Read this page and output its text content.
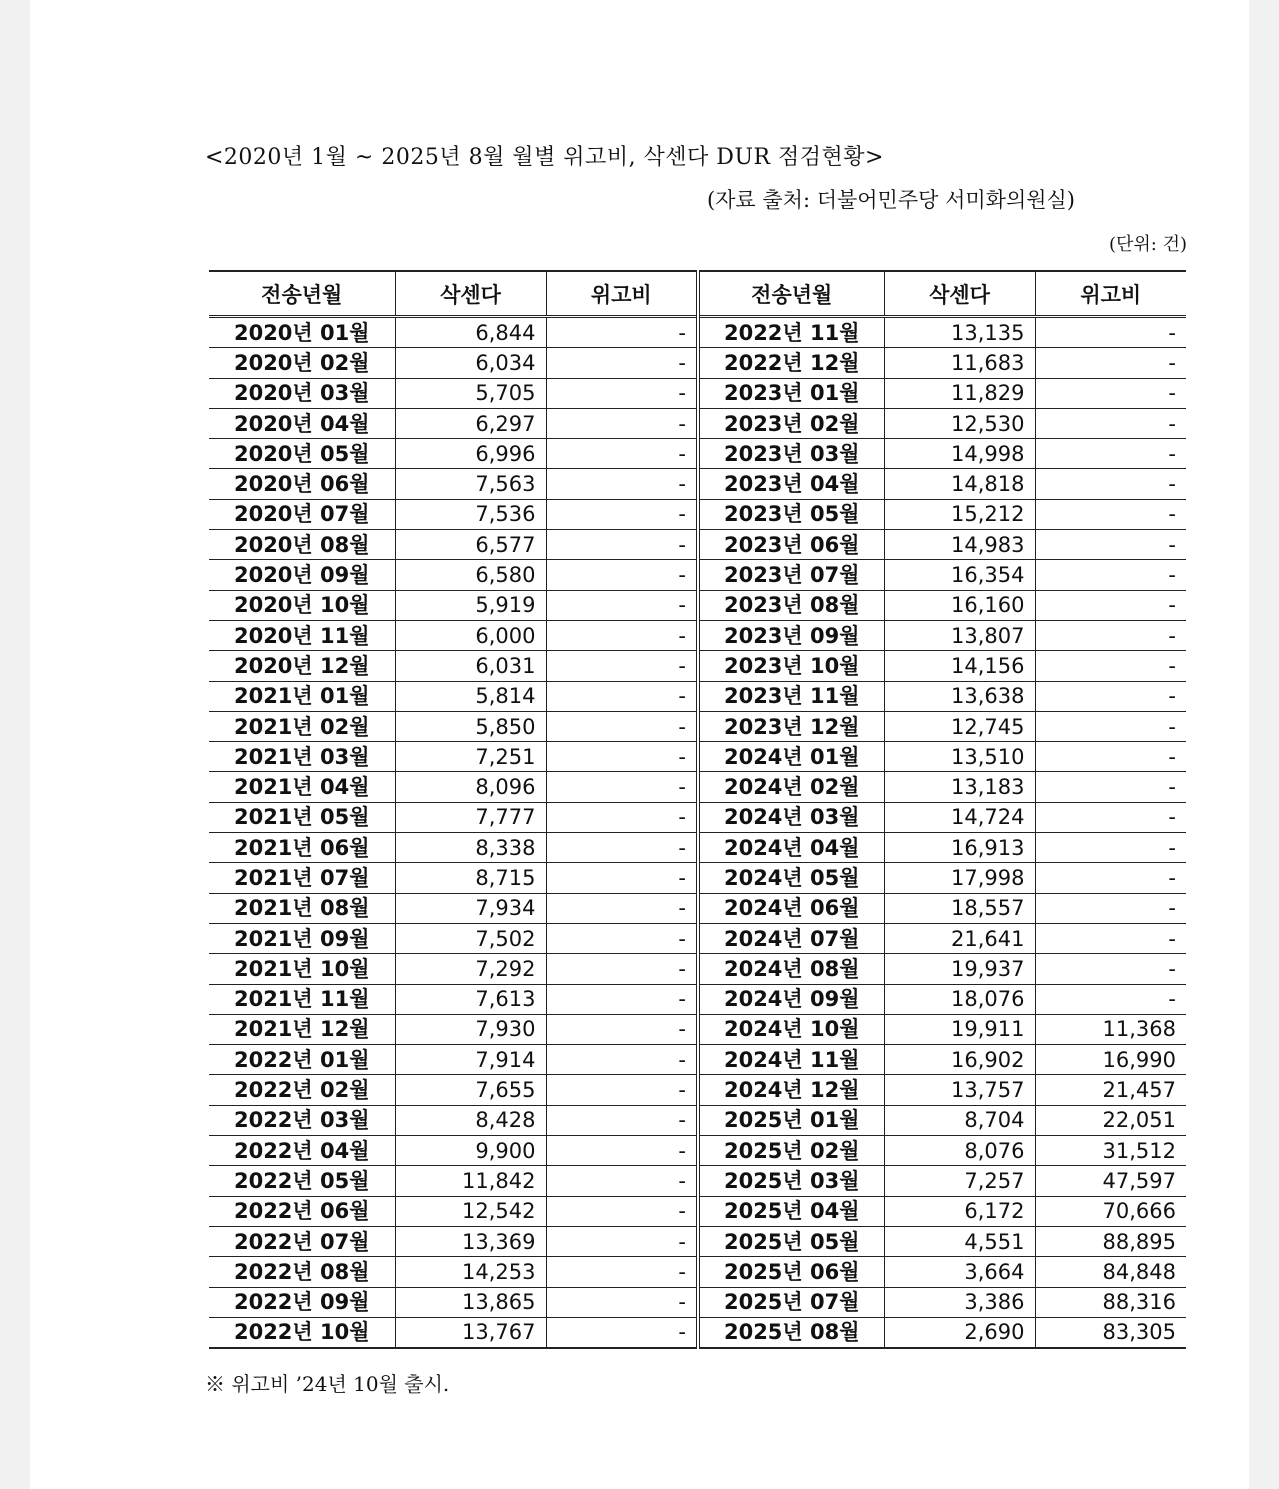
<2020년 1월 ~ 2025년 8월 월별 위고비, 삭센다 DUR 점검현황>
(자료 출처: 더불어민주당 서미화의원실)
(단위: 건)
전송년월	삭센다	위고비	전송년월	삭센다	위고비
2020년 01월	6,844	-	2022년 11월	13,135	-
2020년 02월	6,034	-	2022년 12월	11,683	-
2020년 03월	5,705	-	2023년 01월	11,829	-
2020년 04월	6,297	-	2023년 02월	12,530	-
2020년 05월	6,996	-	2023년 03월	14,998	-
2020년 06월	7,563	-	2023년 04월	14,818	-
2020년 07월	7,536	-	2023년 05월	15,212	-
2020년 08월	6,577	-	2023년 06월	14,983	-
2020년 09월	6,580	-	2023년 07월	16,354	-
2020년 10월	5,919	-	2023년 08월	16,160	-
2020년 11월	6,000	-	2023년 09월	13,807	-
2020년 12월	6,031	-	2023년 10월	14,156	-
2021년 01월	5,814	-	2023년 11월	13,638	-
2021년 02월	5,850	-	2023년 12월	12,745	-
2021년 03월	7,251	-	2024년 01월	13,510	-
2021년 04월	8,096	-	2024년 02월	13,183	-
2021년 05월	7,777	-	2024년 03월	14,724	-
2021년 06월	8,338	-	2024년 04월	16,913	-
2021년 07월	8,715	-	2024년 05월	17,998	-
2021년 08월	7,934	-	2024년 06월	18,557	-
2021년 09월	7,502	-	2024년 07월	21,641	-
2021년 10월	7,292	-	2024년 08월	19,937	-
2021년 11월	7,613	-	2024년 09월	18,076	-
2021년 12월	7,930	-	2024년 10월	19,911	11,368
2022년 01월	7,914	-	2024년 11월	16,902	16,990
2022년 02월	7,655	-	2024년 12월	13,757	21,457
2022년 03월	8,428	-	2025년 01월	8,704	22,051
2022년 04월	9,900	-	2025년 02월	8,076	31,512
2022년 05월	11,842	-	2025년 03월	7,257	47,597
2022년 06월	12,542	-	2025년 04월	6,172	70,666
2022년 07월	13,369	-	2025년 05월	4,551	88,895
2022년 08월	14,253	-	2025년 06월	3,664	84,848
2022년 09월	13,865	-	2025년 07월	3,386	88,316
2022년 10월	13,767	-	2025년 08월	2,690	83,305
※ 위고비 ’24년 10월 출시.
